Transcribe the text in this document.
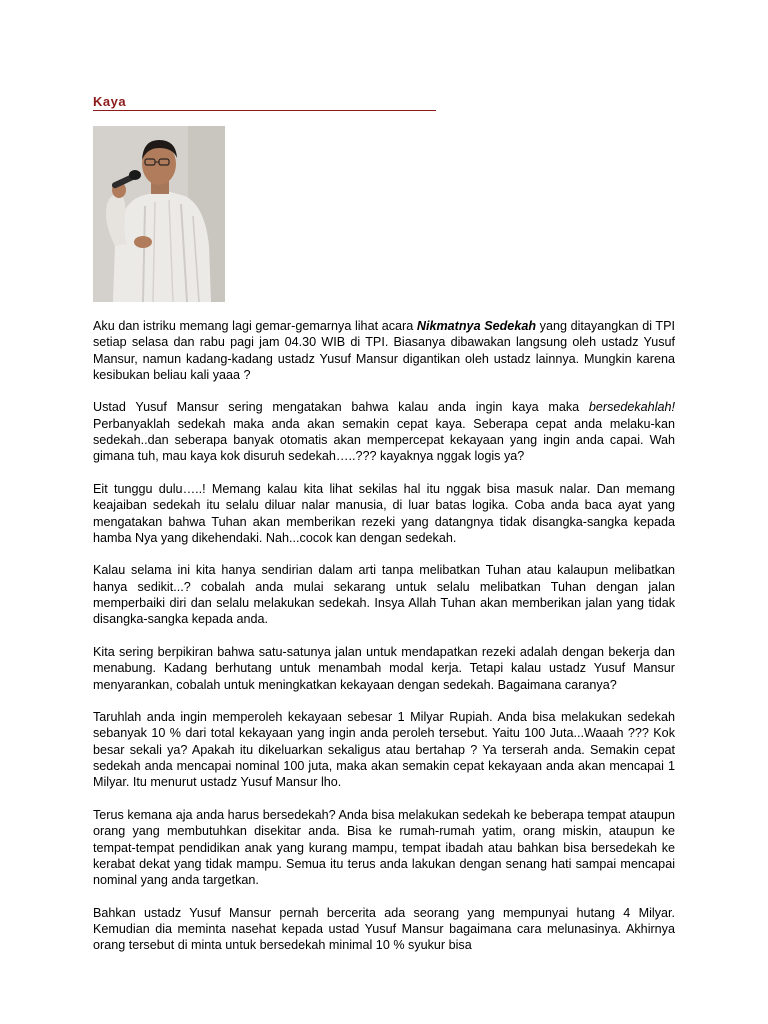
Kaya

Aku dan istriku memang lagi gemar-gemarnya lihat acara Nikmatnya Sedekah yang ditayangkan di TPI setiap selasa dan rabu pagi jam 04.30 WIB di TPI. Biasanya dibawakan langsung oleh ustadz Yusuf Mansur, namun kadang-kadang ustadz Yusuf Mansur digantikan oleh ustadz lainnya. Mungkin karena kesibukan beliau kali yaaa ?

Ustad Yusuf Mansur sering mengatakan bahwa kalau anda ingin kaya maka bersedekahlah! Perbanyaklah sedekah maka anda akan semakin cepat kaya. Seberapa cepat anda melaku-kan sedekah..dan seberapa banyak otomatis akan mempercepat kekayaan yang ingin anda capai. Wah gimana tuh, mau kaya kok disuruh sedekah…..??? kayaknya nggak logis ya?

Eit tunggu dulu…..! Memang kalau kita lihat sekilas hal itu nggak bisa masuk nalar. Dan memang keajaiban sedekah itu selalu diluar nalar manusia, di luar batas logika. Coba anda baca ayat yang mengatakan bahwa Tuhan akan memberikan rezeki yang datangnya tidak disangka-sangka kepada hamba Nya yang dikehendaki. Nah...cocok kan dengan sedekah.

Kalau selama ini kita hanya sendirian dalam arti tanpa melibatkan Tuhan atau kalaupun melibatkan hanya sedikit...? cobalah anda mulai sekarang untuk selalu melibatkan Tuhan dengan jalan memperbaiki diri dan selalu melakukan sedekah. Insya Allah Tuhan akan memberikan jalan yang tidak disangka-sangka kepada anda.

Kita sering berpikiran bahwa satu-satunya jalan untuk mendapatkan rezeki adalah dengan bekerja dan menabung. Kadang berhutang untuk menambah modal kerja. Tetapi kalau ustadz Yusuf Mansur menyarankan, cobalah untuk meningkatkan kekayaan dengan sedekah. Bagaimana caranya?

Taruhlah anda ingin memperoleh kekayaan sebesar 1 Milyar Rupiah. Anda bisa melakukan sedekah sebanyak 10 % dari total kekayaan yang ingin anda peroleh tersebut. Yaitu 100 Juta...Waaah ??? Kok besar sekali ya? Apakah itu dikeluarkan sekaligus atau bertahap ? Ya terserah anda. Semakin cepat sedekah anda mencapai nominal 100 juta, maka akan semakin cepat kekayaan anda akan mencapai 1 Milyar. Itu menurut ustadz Yusuf Mansur lho.

Terus kemana aja anda harus bersedekah? Anda bisa melakukan sedekah ke beberapa tempat ataupun orang yang membutuhkan disekitar anda. Bisa ke rumah-rumah yatim, orang miskin, ataupun ke tempat-tempat pendidikan anak yang kurang mampu, tempat ibadah atau bahkan bisa bersedekah ke kerabat dekat yang tidak mampu. Semua itu terus anda lakukan dengan senang hati sampai mencapai nominal yang anda targetkan.

Bahkan ustadz Yusuf Mansur pernah bercerita ada seorang yang mempunyai hutang 4 Milyar. Kemudian dia meminta nasehat kepada ustad Yusuf Mansur bagaimana cara melunasinya. Akhirnya orang tersebut di minta untuk bersedekah minimal 10 % syukur bisa
